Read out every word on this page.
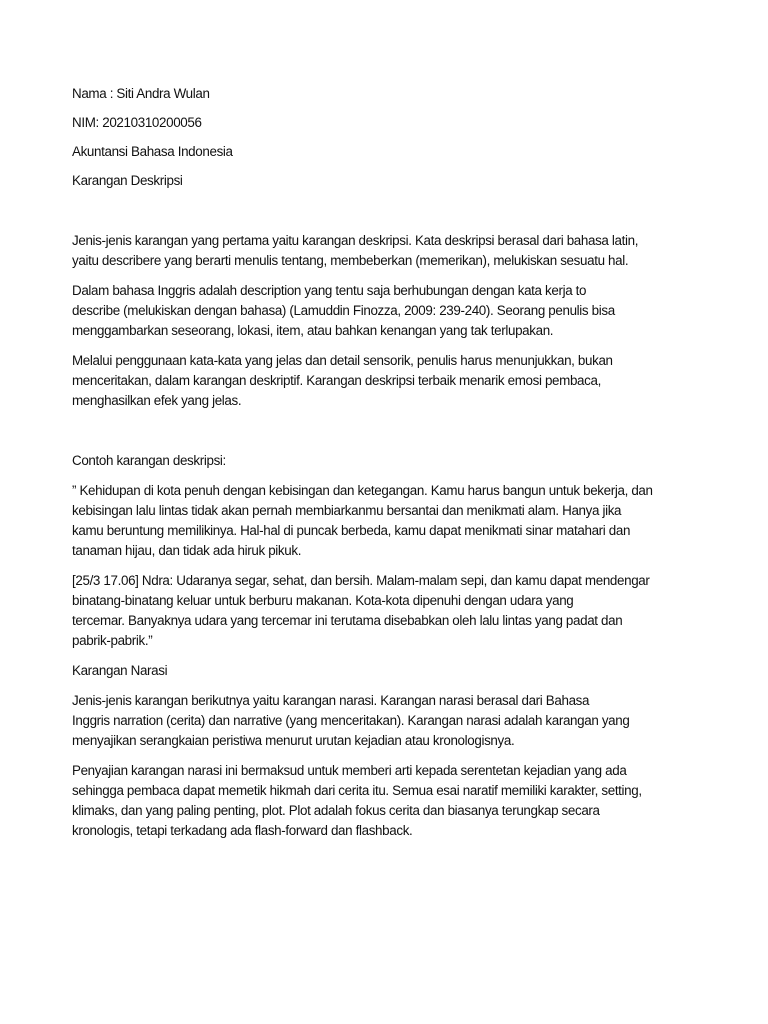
Nama : Siti Andra Wulan

NIM: 20210310200056

Akuntansi Bahasa Indonesia

Karangan Deskripsi

Jenis-jenis karangan yang pertama yaitu karangan deskripsi. Kata deskripsi berasal dari bahasa latin,
yaitu describere yang berarti menulis tentang, membeberkan (memerikan), melukiskan sesuatu hal.

Dalam bahasa Inggris adalah description yang tentu saja berhubungan dengan kata kerja to
describe (melukiskan dengan bahasa) (Lamuddin Finozza, 2009: 239-240). Seorang penulis bisa
menggambarkan seseorang, lokasi, item, atau bahkan kenangan yang tak terlupakan.

Melalui penggunaan kata-kata yang jelas dan detail sensorik, penulis harus menunjukkan, bukan
menceritakan, dalam karangan deskriptif. Karangan deskripsi terbaik menarik emosi pembaca,
menghasilkan efek yang jelas.

Contoh karangan deskripsi:

” Kehidupan di kota penuh dengan kebisingan dan ketegangan. Kamu harus bangun untuk bekerja, dan
kebisingan lalu lintas tidak akan pernah membiarkanmu bersantai dan menikmati alam. Hanya jika
kamu beruntung memilikinya. Hal-hal di puncak berbeda, kamu dapat menikmati sinar matahari dan
tanaman hijau, dan tidak ada hiruk pikuk.

[25/3 17.06] Ndra: Udaranya segar, sehat, dan bersih. Malam-malam sepi, dan kamu dapat mendengar
binatang-binatang keluar untuk berburu makanan. Kota-kota dipenuhi dengan udara yang
tercemar. Banyaknya udara yang tercemar ini terutama disebabkan oleh lalu lintas yang padat dan
pabrik-pabrik.”

Karangan Narasi

Jenis-jenis karangan berikutnya yaitu karangan narasi. Karangan narasi berasal dari Bahasa
Inggris narration (cerita) dan narrative (yang menceritakan). Karangan narasi adalah karangan yang
menyajikan serangkaian peristiwa menurut urutan kejadian atau kronologisnya.

Penyajian karangan narasi ini bermaksud untuk memberi arti kepada serentetan kejadian yang ada
sehingga pembaca dapat memetik hikmah dari cerita itu. Semua esai naratif memiliki karakter, setting,
klimaks, dan yang paling penting, plot. Plot adalah fokus cerita dan biasanya terungkap secara
kronologis, tetapi terkadang ada flash-forward dan flashback.
